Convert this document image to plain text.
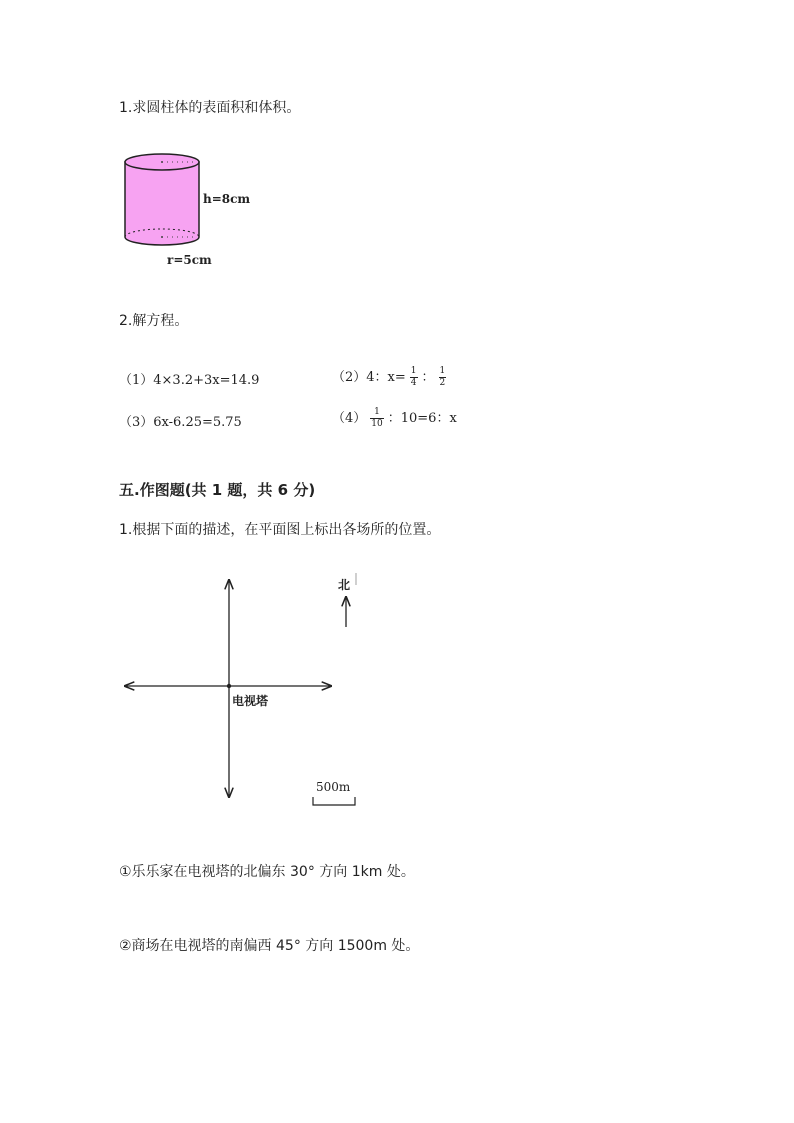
1.求圆柱体的表面积和体积。
h=8cm
r=5cm
2.解方程。
（1）4×3.2+3x=14.9	（2）4：$x= \frac{1}{4}$ ： $\frac{1}{2}$
（3）6x-6.25=5.75	$(4) \frac{1}{10}$ ：10=6：x
五.作图题(共 1 题，共 6 分)
1.根据下面的描述，在平面图上标出各场所的位置。
电视塔
北
500m
①乐乐家在电视塔的北偏东 30° 方向 1km 处。
②商场在电视塔的南偏西 45° 方向 1500m 处。
